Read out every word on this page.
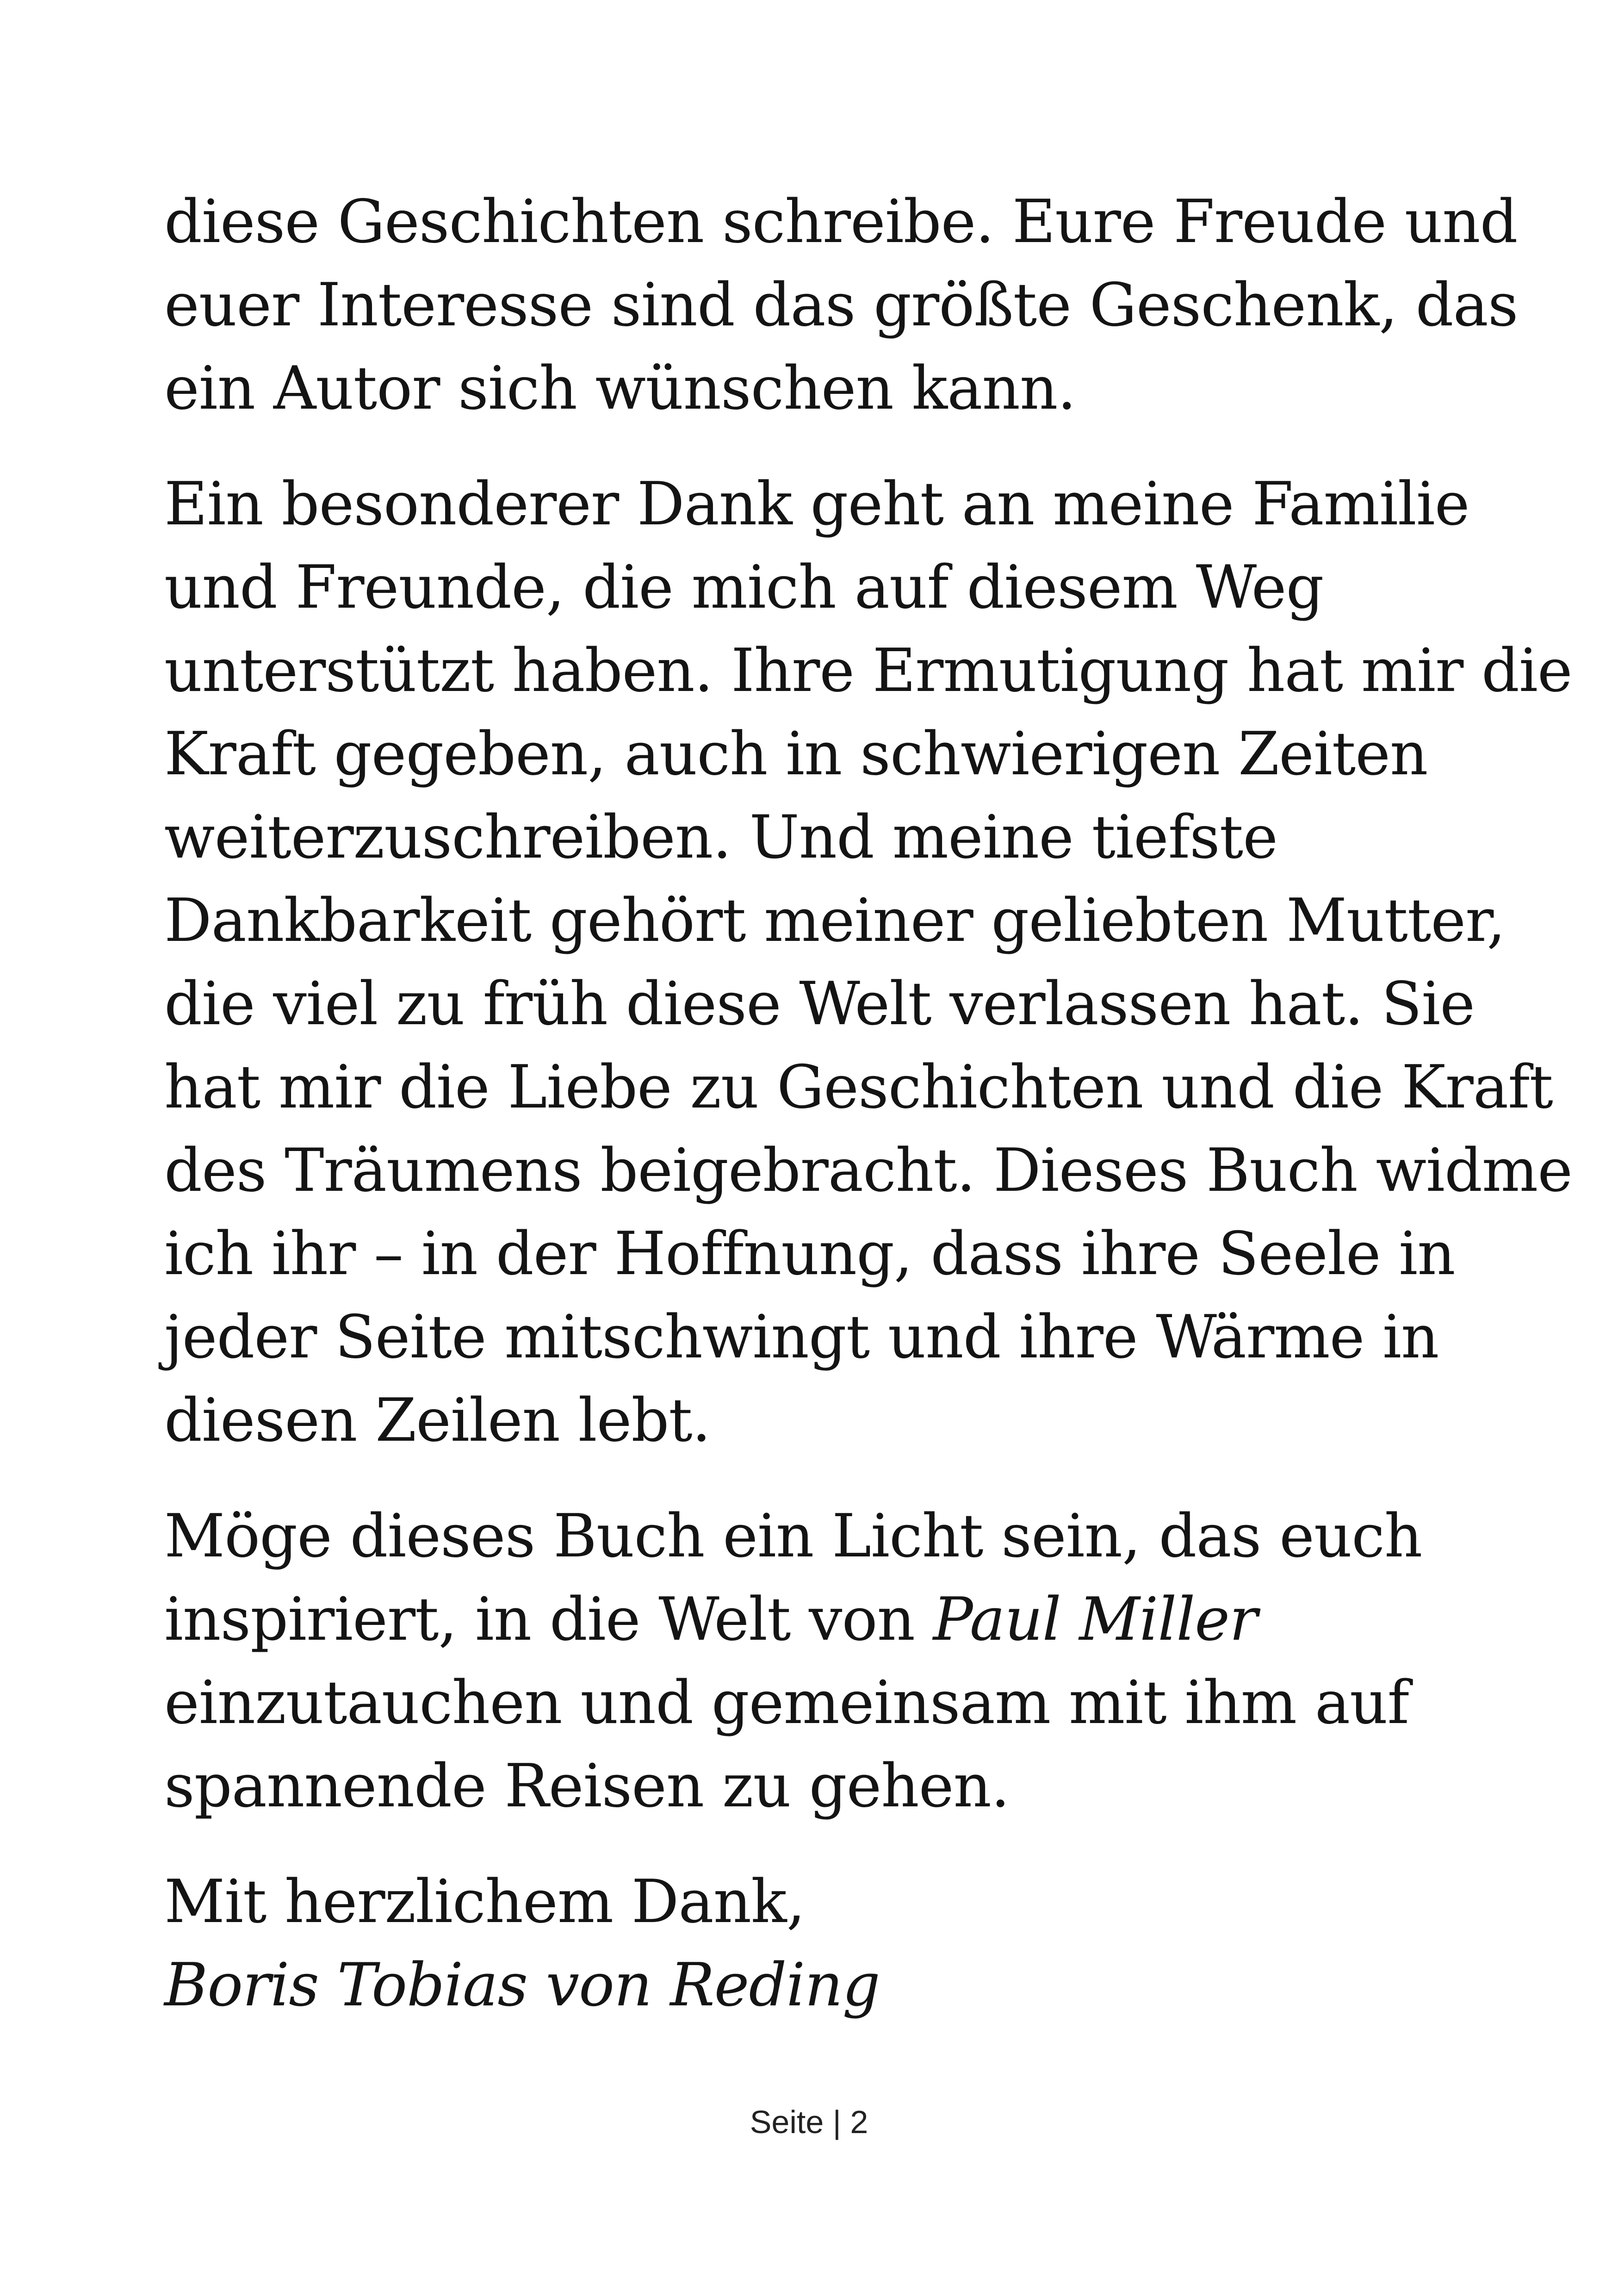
diese Geschichten schreibe. Eure Freude und
euer Interesse sind das größte Geschenk, das
ein Autor sich wünschen kann.

Ein besonderer Dank geht an meine Familie
und Freunde, die mich auf diesem Weg
unterstützt haben. Ihre Ermutigung hat mir die
Kraft gegeben, auch in schwierigen Zeiten
weiterzuschreiben. Und meine tiefste
Dankbarkeit gehört meiner geliebten Mutter,
die viel zu früh diese Welt verlassen hat. Sie
hat mir die Liebe zu Geschichten und die Kraft
des Träumens beigebracht. Dieses Buch widme
ich ihr – in der Hoffnung, dass ihre Seele in
jeder Seite mitschwingt und ihre Wärme in
diesen Zeilen lebt.

Möge dieses Buch ein Licht sein, das euch
inspiriert, in die Welt von Paul Miller
einzutauchen und gemeinsam mit ihm auf
spannende Reisen zu gehen.

Mit herzlichem Dank,
Boris Tobias von Reding

Seite | 2
